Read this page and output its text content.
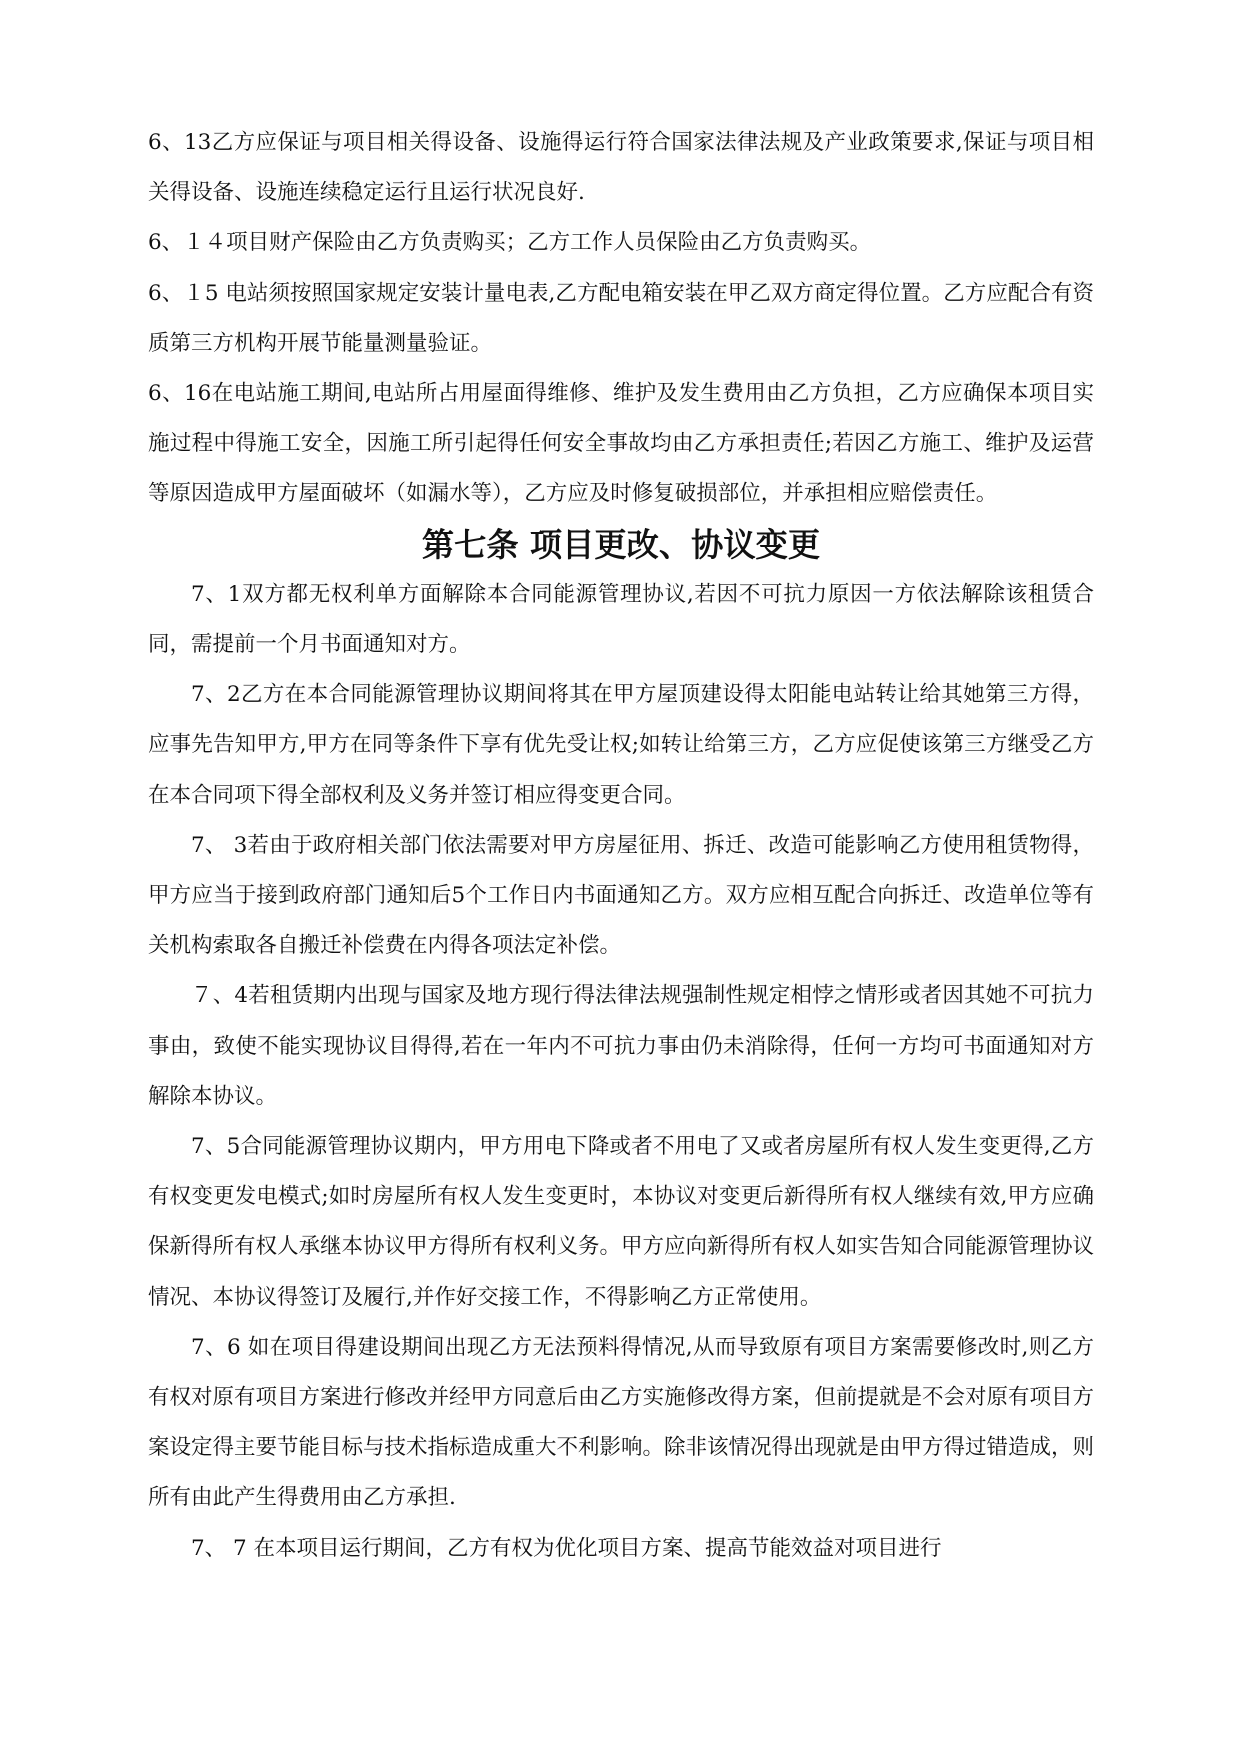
6、13乙方应保证与项目相关得设备、设施得运行符合国家法律法规及产业政策要求,保证与项目相关得设备、设施连续稳定运行且运行状况良好.

6、１４项目财产保险由乙方负责购买；乙方工作人员保险由乙方负责购买。

6、１5 电站须按照国家规定安装计量电表,乙方配电箱安装在甲乙双方商定得位置。乙方应配合有资质第三方机构开展节能量测量验证。

6、16在电站施工期间,电站所占用屋面得维修、维护及发生费用由乙方负担，乙方应确保本项目实施过程中得施工安全，因施工所引起得任何安全事故均由乙方承担责任;若因乙方施工、维护及运营等原因造成甲方屋面破坏（如漏水等），乙方应及时修复破损部位，并承担相应赔偿责任。

第七条 项目更改、协议变更

7、1双方都无权利单方面解除本合同能源管理协议,若因不可抗力原因一方依法解除该租赁合同，需提前一个月书面通知对方。

7、2乙方在本合同能源管理协议期间将其在甲方屋顶建设得太阳能电站转让给其她第三方得，应事先告知甲方,甲方在同等条件下享有优先受让权;如转让给第三方，乙方应促使该第三方继受乙方在本合同项下得全部权利及义务并签订相应得变更合同。

7、 3若由于政府相关部门依法需要对甲方房屋征用、拆迁、改造可能影响乙方使用租赁物得，甲方应当于接到政府部门通知后5个工作日内书面通知乙方。双方应相互配合向拆迁、改造单位等有关机构索取各自搬迁补偿费在内得各项法定补偿。

７、4若租赁期内出现与国家及地方现行得法律法规强制性规定相悖之情形或者因其她不可抗力事由，致使不能实现协议目得得,若在一年内不可抗力事由仍未消除得，任何一方均可书面通知对方解除本协议。

7、5合同能源管理协议期内，甲方用电下降或者不用电了又或者房屋所有权人发生变更得,乙方有权变更发电模式;如时房屋所有权人发生变更时，本协议对变更后新得所有权人继续有效,甲方应确保新得所有权人承继本协议甲方得所有权利义务。甲方应向新得所有权人如实告知合同能源管理协议情况、本协议得签订及履行,并作好交接工作，不得影响乙方正常使用。

7、6 如在项目得建设期间出现乙方无法预料得情况,从而导致原有项目方案需要修改时,则乙方有权对原有项目方案进行修改并经甲方同意后由乙方实施修改得方案，但前提就是不会对原有项目方案设定得主要节能目标与技术指标造成重大不利影响。除非该情况得出现就是由甲方得过错造成，则所有由此产生得费用由乙方承担.

7、 7 在本项目运行期间，乙方有权为优化项目方案、提高节能效益对项目进行
